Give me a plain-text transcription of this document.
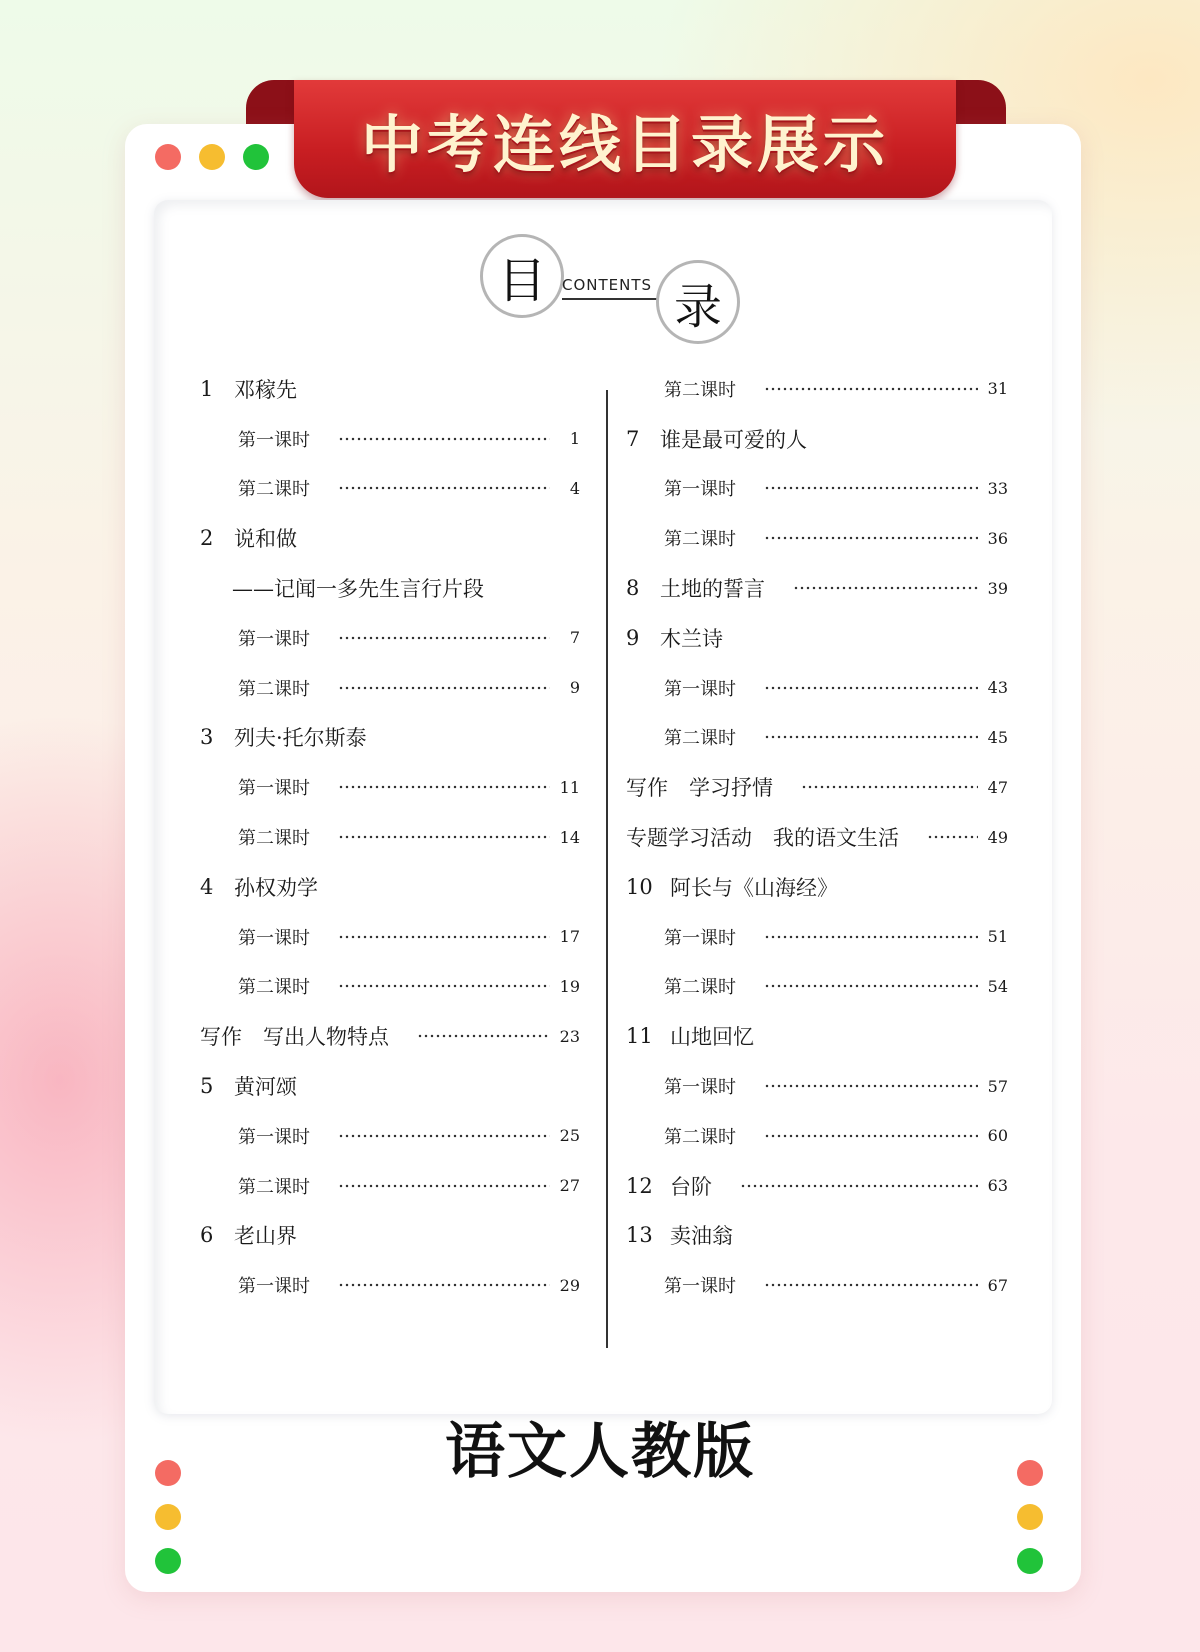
中考连线目录展示
目	CONTENTS 录
1 邓稼先
第一课时	1
第二课时	4
2 说和做
——记闻一多先生言行片段
第一课时	7
第二课时	9
3 列夫·托尔斯泰
第一课时	11
第二课时	14
4 孙权劝学
第一课时	17
第二课时	19
写作　写出人物特点	23
5 黄河颂
第一课时	25
第二课时	27
6 老山界
第一课时	29
第二课时	31
7 谁是最可爱的人
第一课时	33
第二课时	36
8 土地的誓言	39
9 木兰诗
第一课时	43
第二课时	45
写作　学习抒情	47
专题学习活动　我的语文生活	49
10 阿长与《山海经》
第一课时	51
第二课时	54
11 山地回忆
第一课时	57
第二课时	60
12 台阶	63
13 卖油翁
第一课时	67
语文人教版
